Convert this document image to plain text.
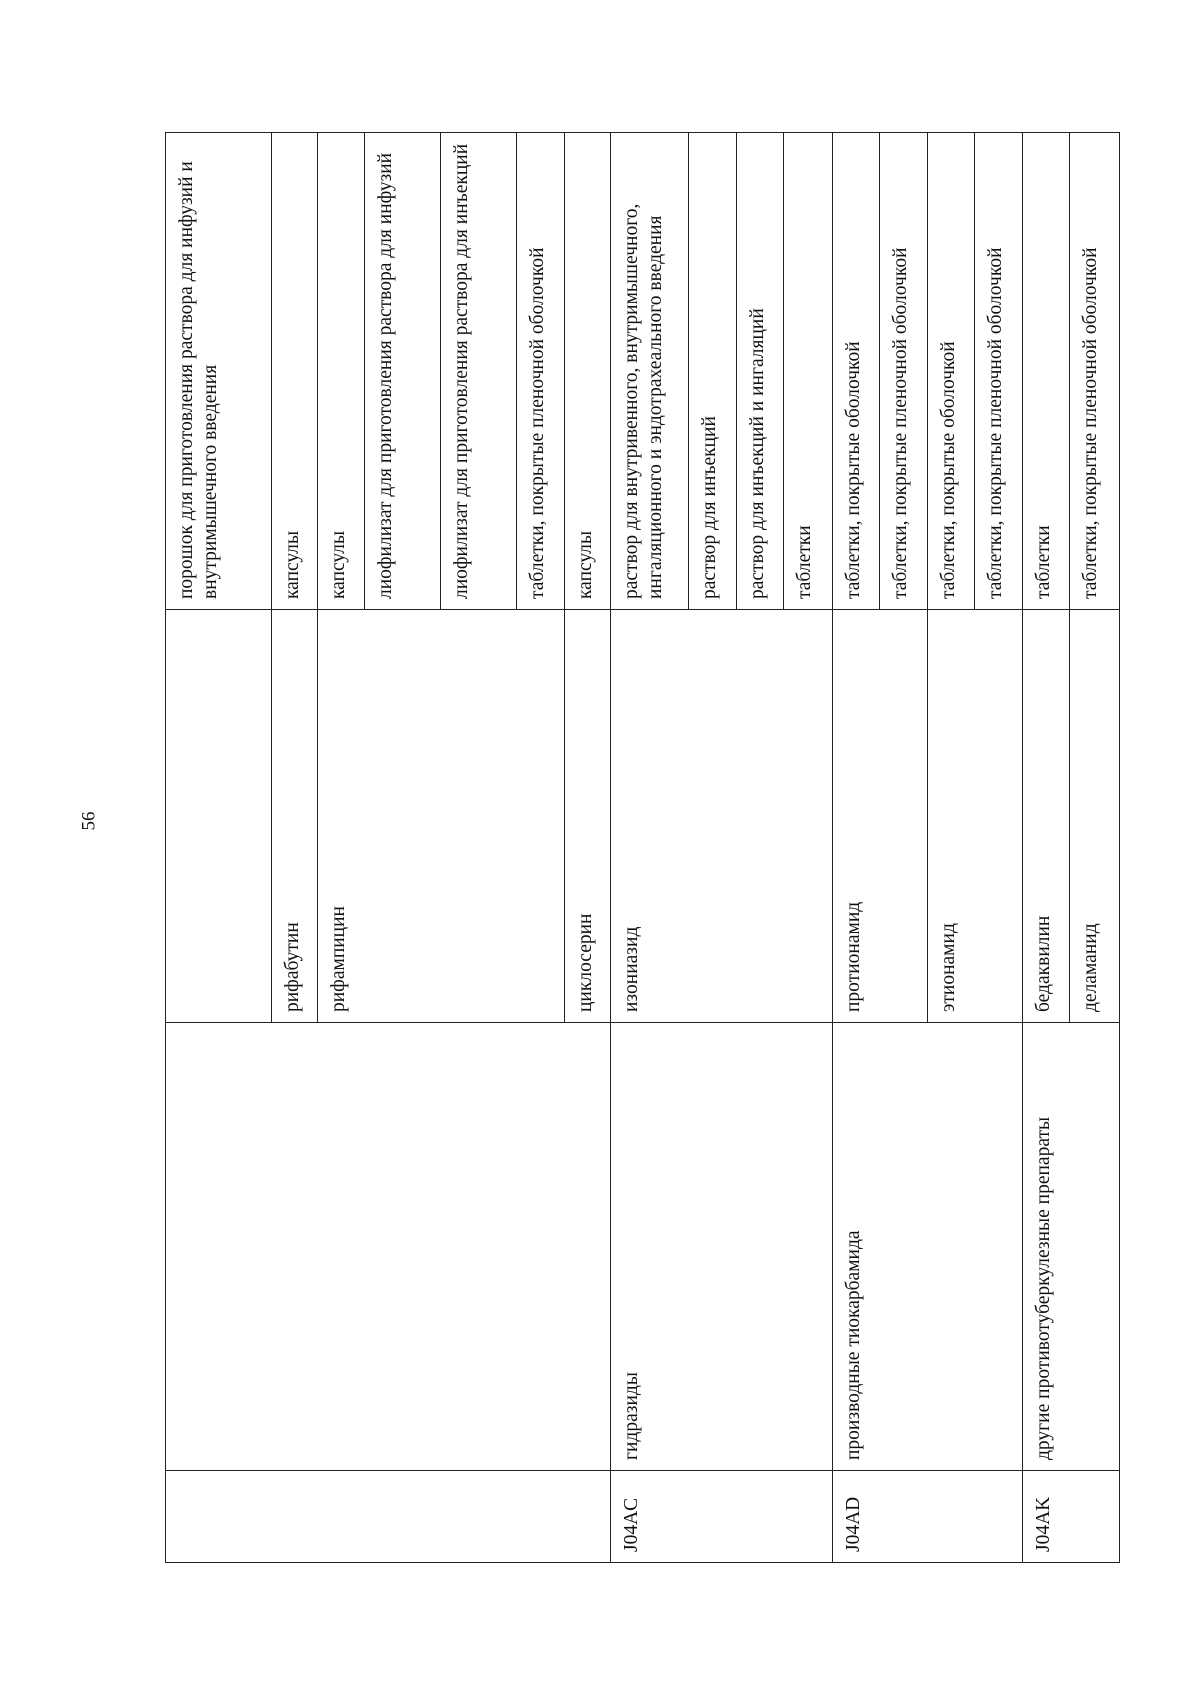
56
			порошок для приготовления раствора для инфузий и внутримышечного введения
		рифабутин	капсулы
		рифампицин	капсулы
			лиофилизат для приготовления раствора для инфузий
			лиофилизат для приготовления раствора для инъекций
			таблетки, покрытые пленочной оболочкой
		циклосерин	капсулы
J04AC	гидразиды	изониазид	раствор для внутривенного, внутримышечного, ингаляционного и эндотрахеального введения
			раствор для инъекций
			раствор для инъекций и ингаляций
			таблетки
J04AD	производные тиокарбамида	протионамид	таблетки, покрытые оболочкой
			таблетки, покрытые пленочной оболочкой
		этионамид	таблетки, покрытые оболочкой
			таблетки, покрытые пленочной оболочкой
J04AK	другие противотуберкулезные препараты	бедаквилин	таблетки
		деламанид	таблетки, покрытые пленочной оболочкой
